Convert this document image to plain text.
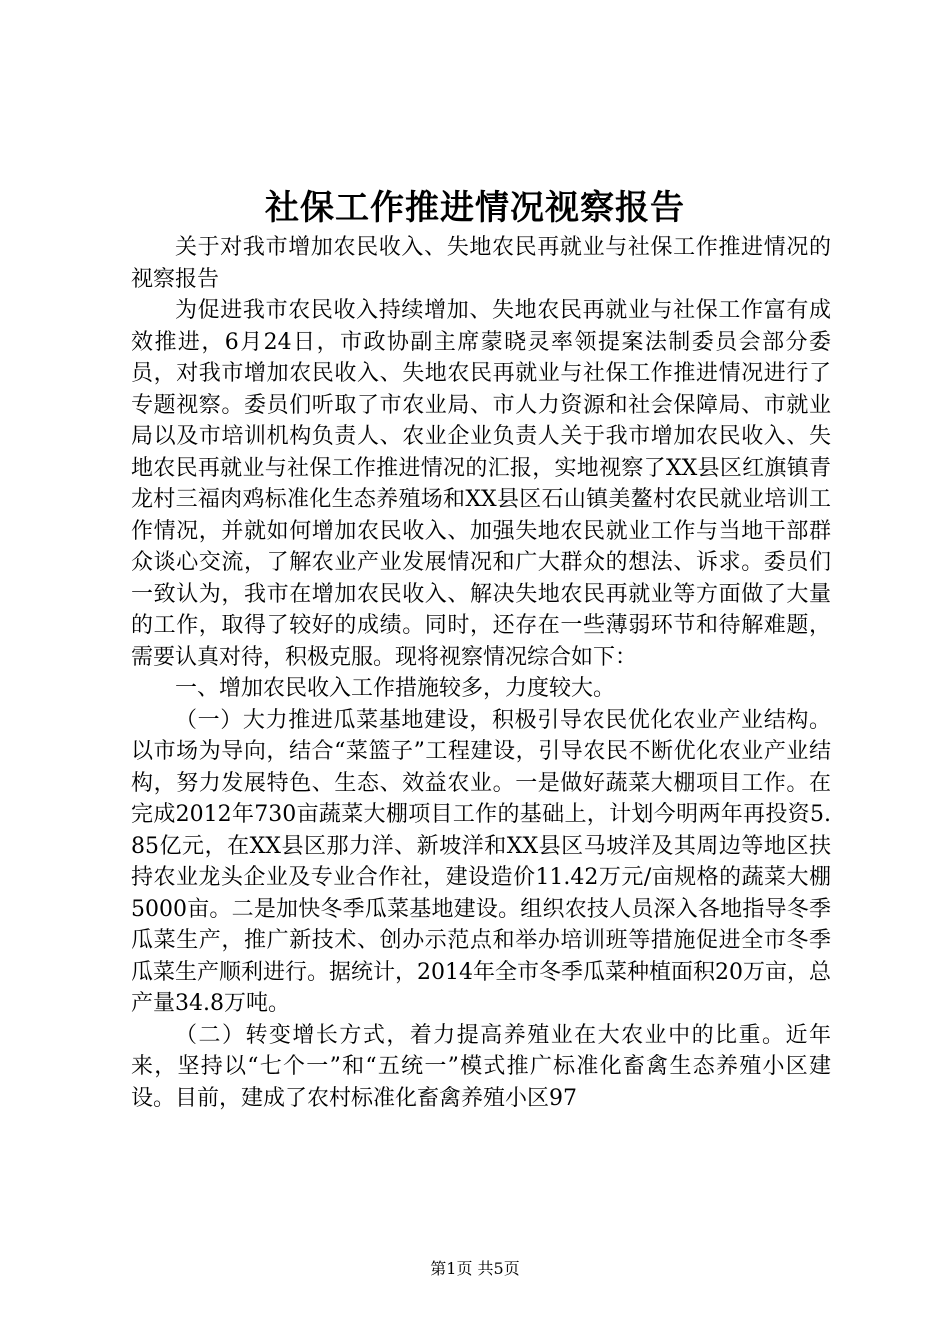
社保工作推进情况视察报告

关于对我市增加农民收入、失地农民再就业与社保工作推进情况的视察报告

为促进我市农民收入持续增加、失地农民再就业与社保工作富有成效推进，6月24日，市政协副主席蒙晓灵率领提案法制委员会部分委员，对我市增加农民收入、失地农民再就业与社保工作推进情况进行了专题视察。委员们听取了市农业局、市人力资源和社会保障局、市就业局以及市培训机构负责人、农业企业负责人关于我市增加农民收入、失地农民再就业与社保工作推进情况的汇报，实地视察了XX县区红旗镇青龙村三福肉鸡标准化生态养殖场和XX县区石山镇美鳌村农民就业培训工作情况，并就如何增加农民收入、加强失地农民就业工作与当地干部群众谈心交流，了解农业产业发展情况和广大群众的想法、诉求。委员们一致认为，我市在增加农民收入、解决失地农民再就业等方面做了大量的工作，取得了较好的成绩。同时，还存在一些薄弱环节和待解难题，需要认真对待，积极克服。现将视察情况综合如下：

一、增加农民收入工作措施较多，力度较大。

（一）大力推进瓜菜基地建设，积极引导农民优化农业产业结构。以市场为导向，结合“菜篮子”工程建设，引导农民不断优化农业产业结构，努力发展特色、生态、效益农业。一是做好蔬菜大棚项目工作。在完成2012年730亩蔬菜大棚项目工作的基础上，计划今明两年再投资5.85亿元，在XX县区那力洋、新坡洋和XX县区马坡洋及其周边等地区扶持农业龙头企业及专业合作社，建设造价11.42万元/亩规格的蔬菜大棚5000亩。二是加快冬季瓜菜基地建设。组织农技人员深入各地指导冬季瓜菜生产，推广新技术、创办示范点和举办培训班等措施促进全市冬季瓜菜生产顺利进行。据统计，2014年全市冬季瓜菜种植面积20万亩，总产量34.8万吨。

（二）转变增长方式，着力提高养殖业在大农业中的比重。近年来，坚持以“七个一”和“五统一”模式推广标准化畜禽生态养殖小区建设。目前，建成了农村标准化畜禽养殖小区97

第1页 共5页
